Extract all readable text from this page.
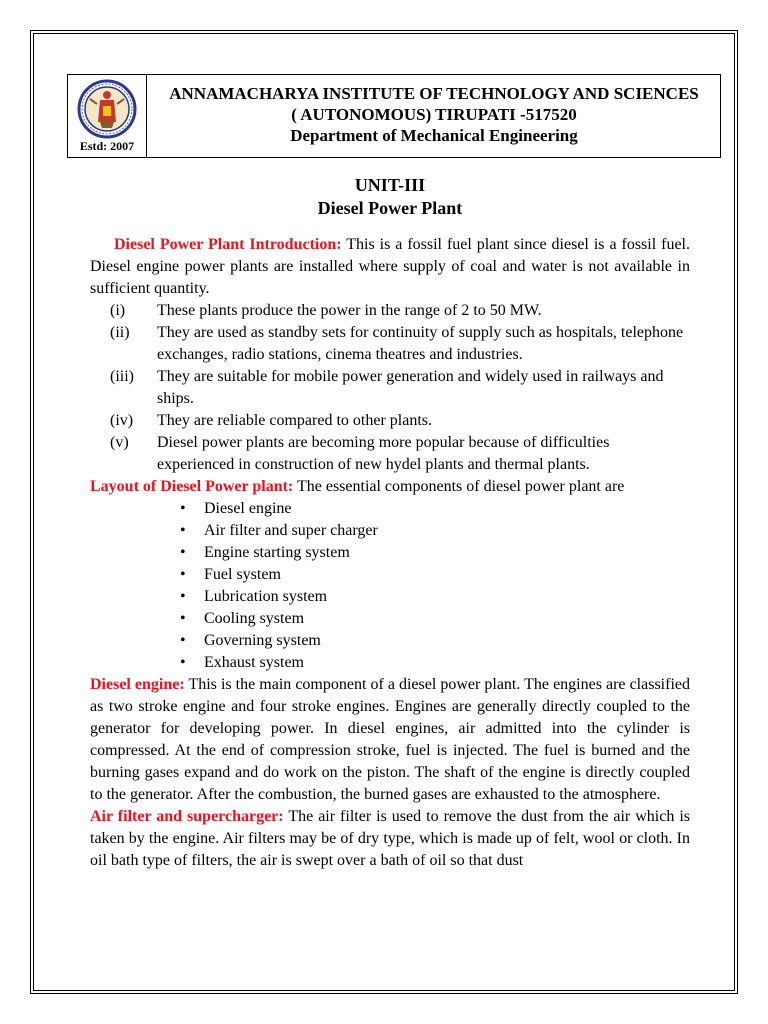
Estd: 2007
ANNAMACHARYA INSTITUTE OF TECHNOLOGY AND SCIENCES
( AUTONOMOUS) TIRUPATI -517520
Department of Mechanical Engineering
UNIT-III
Diesel Power Plant

Diesel Power Plant Introduction: This is a fossil fuel plant since diesel is a fossil fuel. Diesel engine power plants are installed where supply of coal and water is not available in sufficient quantity.

(i)	These plants produce the power in the range of 2 to 50 MW.
(ii)	They are used as standby sets for continuity of supply such as hospitals, telephone exchanges, radio stations, cinema theatres and industries.
(iii)	They are suitable for mobile power generation and widely used in railways and ships.
(iv)	They are reliable compared to other plants.
(v)	Diesel power plants are becoming more popular because of difficulties experienced in construction of new hydel plants and thermal plants.

Layout of Diesel Power plant: The essential components of diesel power plant are

•	Diesel engine
•	Air filter and super charger
•	Engine starting system
•	Fuel system
•	Lubrication system
•	Cooling system
•	Governing system
•	Exhaust system

Diesel engine: This is the main component of a diesel power plant. The engines are classified as two stroke engine and four stroke engines. Engines are generally directly coupled to the generator for developing power. In diesel engines, air admitted into the cylinder is compressed. At the end of compression stroke, fuel is injected. The fuel is burned and the burning gases expand and do work on the piston. The shaft of the engine is directly coupled to the generator. After the combustion, the burned gases are exhausted to the atmosphere.

Air filter and supercharger: The air filter is used to remove the dust from the air which is taken by the engine. Air filters may be of dry type, which is made up of felt, wool or cloth. In oil bath type of filters, the air is swept over a bath of oil so that dust
